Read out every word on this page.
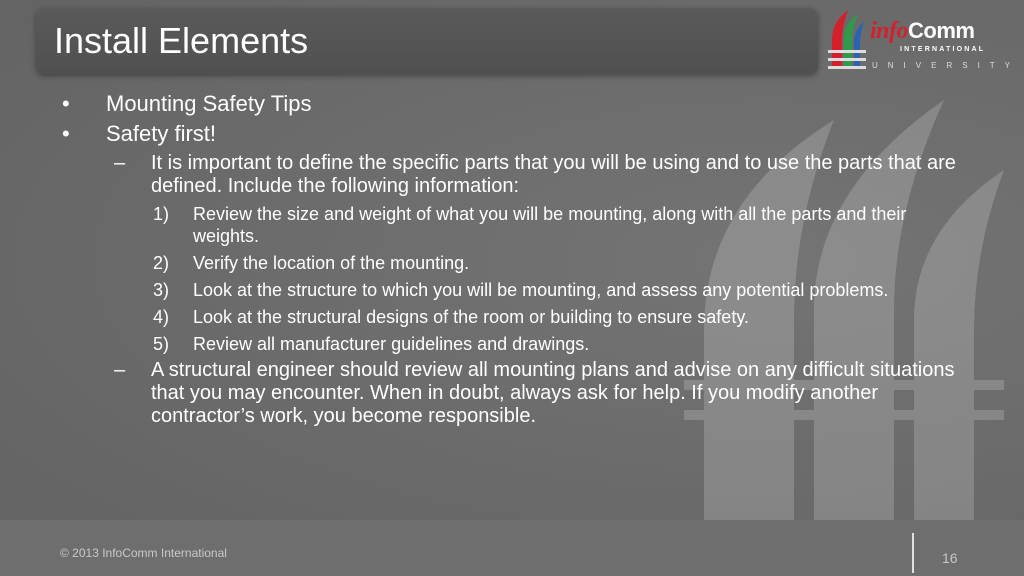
Install Elements	infoComm
INTERNATIONAL
UNIVERSITY
• Mounting Safety Tips
• Safety first!
– It is important to define the specific parts that you will be using and to use the parts that are defined. Include the following information:
1) Review the size and weight of what you will be mounting, along with all the parts and their weights.
2) Verify the location of the mounting.
3) Look at the structure to which you will be mounting, and assess any potential problems.
4) Look at the structural designs of the room or building to ensure safety.
5) Review all manufacturer guidelines and drawings.
– A structural engineer should review all mounting plans and advise on any difficult situations that you may encounter. When in doubt, always ask for help. If you modify another contractor’s work, you become responsible.
© 2013 InfoComm International	16
